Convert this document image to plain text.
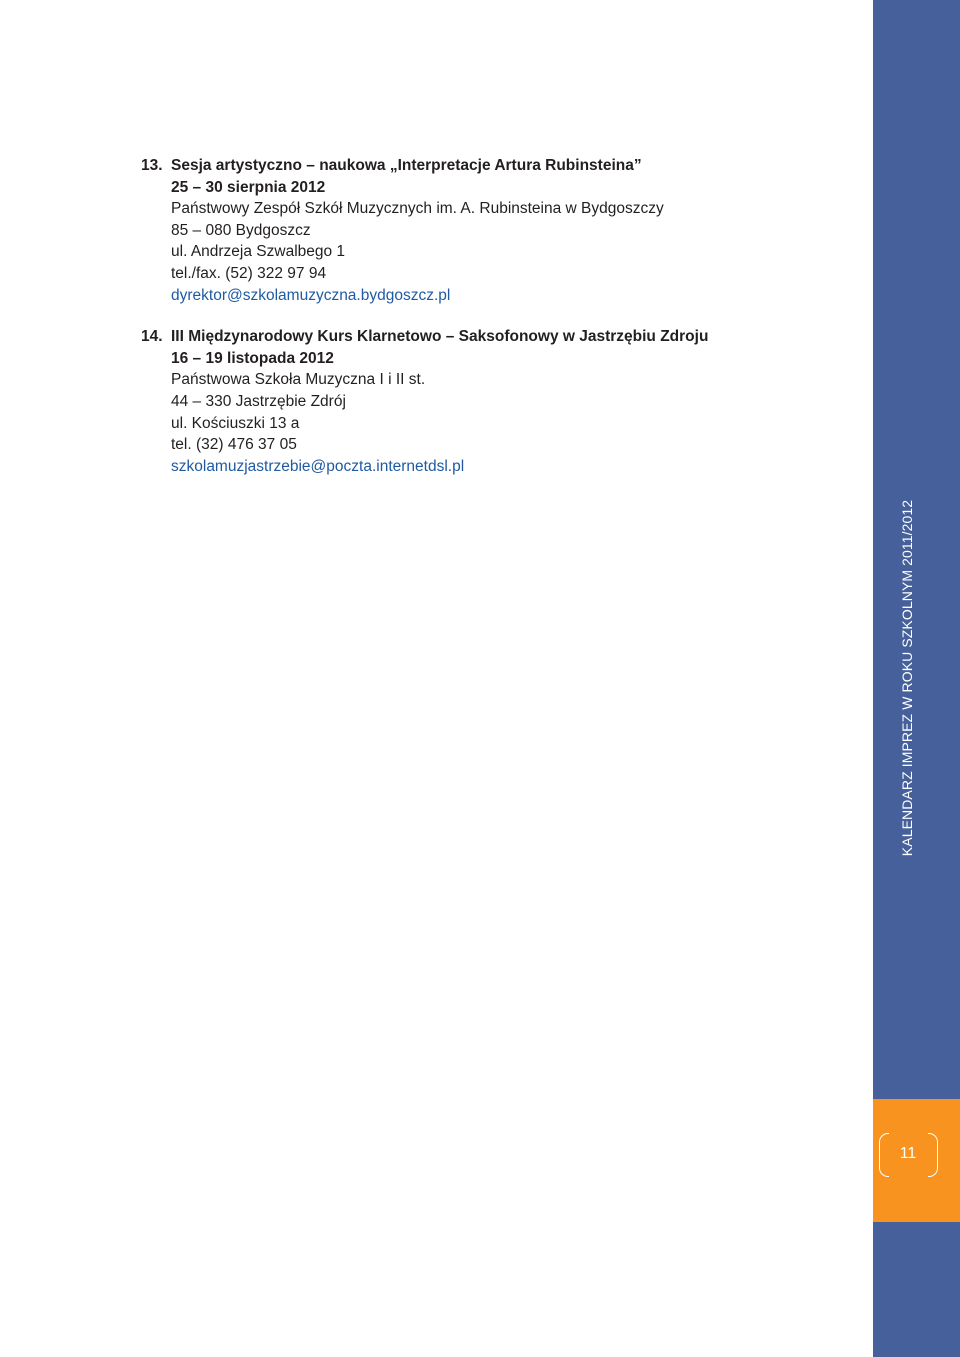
13. Sesja artystyczno – naukowa „Interpretacje Artura Rubinsteina”
25 – 30 sierpnia 2012
Państwowy Zespół Szkół Muzycznych im. A. Rubinsteina w Bydgoszczy
85 – 080 Bydgoszcz
ul. Andrzeja Szwalbego 1
tel./fax. (52) 322 97 94
dyrektor@szkolamuzyczna.bydgoszcz.pl
14. III Międzynarodowy Kurs Klarnetowo – Saksofonowy w Jastrzębiu Zdroju
16 – 19 listopada 2012
Państwowa Szkoła Muzyczna I i II st.
44 – 330 Jastrzębie Zdrój
ul. Kościuszki 13 a
tel. (32) 476 37 05
szkolamuzjastrzebie@poczta.internetdsl.pl
KALENDARZ IMPREZ W ROKU SZKOLNYM 2011/2012
11
